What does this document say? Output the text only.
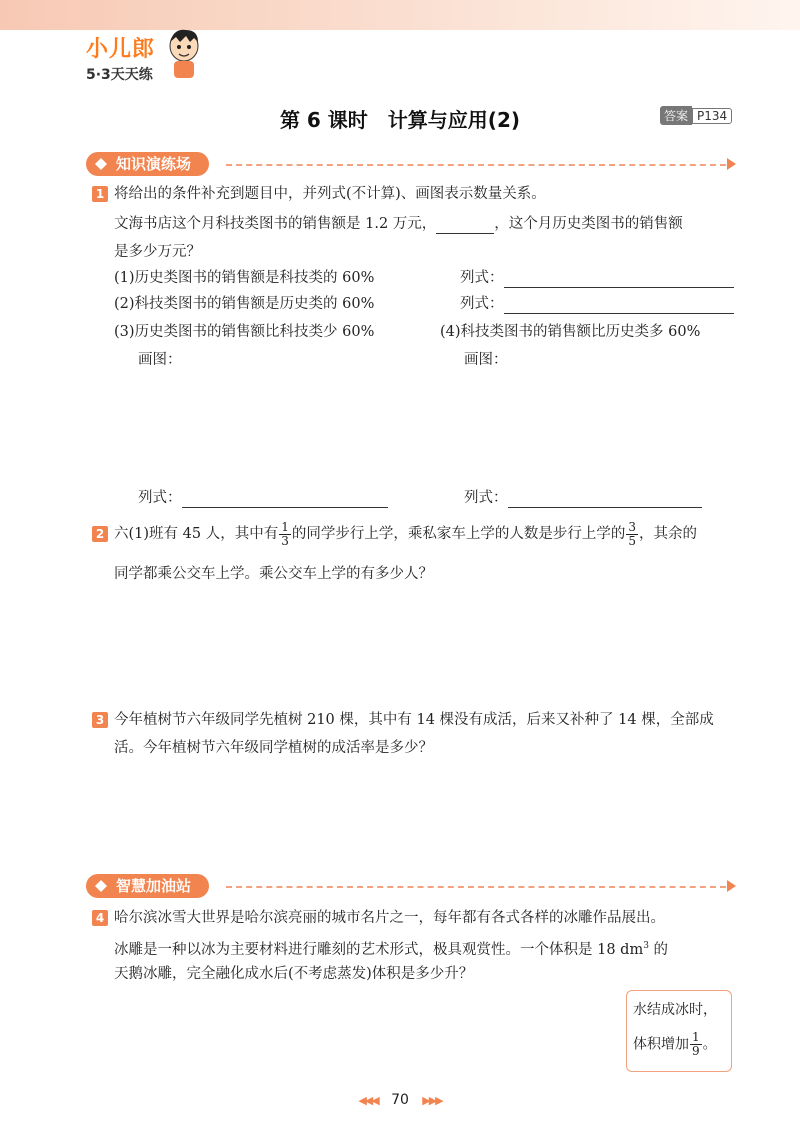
小儿郎
5·3天天练
第 6 课时　计算与应用(2)	答案 P134
知识演练场
1 将给出的条件补充到题目中，并列式(不计算)、画图表示数量关系。
文海书店这个月科技类图书的销售额是 1.2 万元，	，这个月历史类图书的销售额
是多少万元？
(1)历史类图书的销售额是科技类的 60%	列式：
(2)科技类图书的销售额是历史类的 60%	列式：
(3)历史类图书的销售额比科技类少 60%	(4)科技类图书的销售额比历史类多 60%
画图：	画图：
列式：	列式：
2 六(1)班有 45 人，其中有 $\frac{1}{3}$ 的同学步行上学，乘私家车上学的人数是步行上学的 $\frac{3}{5}$ ，其余的
同学都乘公交车上学。乘公交车上学的有多少人？
3 今年植树节六年级同学先植树 210 棵，其中有 14 棵没有成活，后来又补种了 14 棵，全部成
活。今年植树节六年级同学植树的成活率是多少？
智慧加油站
4 哈尔滨冰雪大世界是哈尔滨亮丽的城市名片之一，每年都有各式各样的冰雕作品展出。
冰雕是一种以冰为主要材料进行雕刻的艺术形式，极具观赏性。一个体积是 18 $dm^3$ 的
天鹅冰雕，完全融化成水后(不考虑蒸发)体积是多少升？
水结成冰时，
体积增加 $\frac{1}{9}$ 。
◀◀◀ 70 ▶▶▶
